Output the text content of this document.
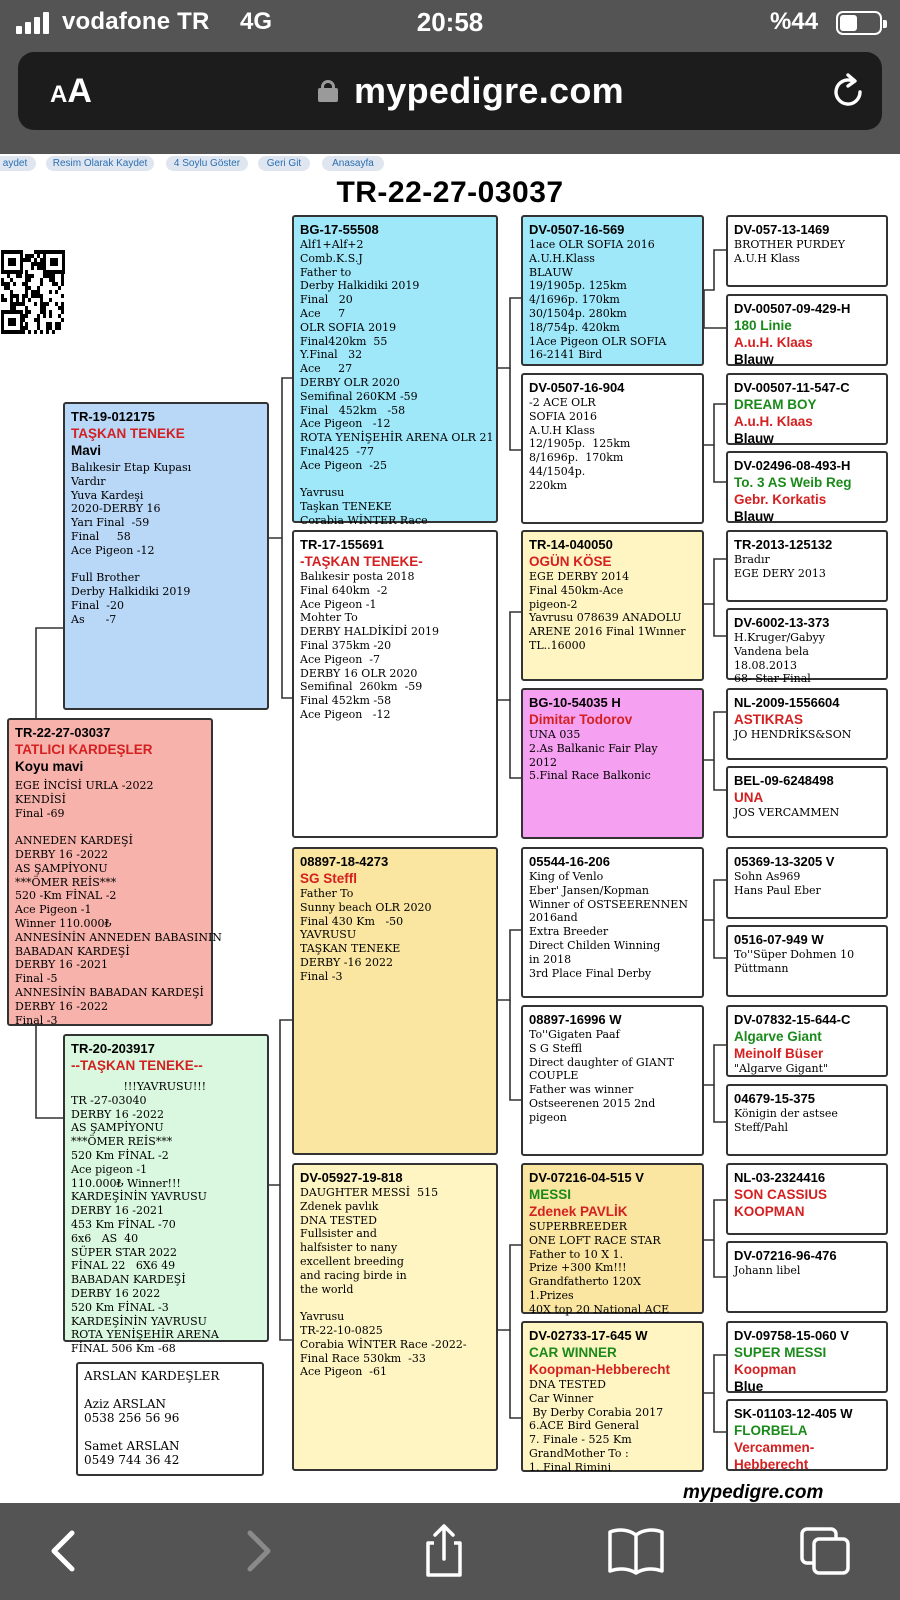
vodafone TR 4G	20:58	%44
AA	mypedigre.com
aydet	Resim Olarak Kaydet	4 Soylu Göster	Geri Git	Anasayfa
TR-22-27-03037
TR-22-27-03037
TATLICI KARDEŞLER
Koyu mavi
EGE İNCİSİ URLA -2022
KENDİSİ
Final -69

ANNEDEN KARDEŞİ
DERBY 16 -2022
AS ŞAMPİYONU
***ÖMER REİS***
520 -Km FİNAL -2
Ace Pigeon -1
Winner 110.000₺
ANNESİNİN ANNEDEN BABASININ
BABADAN KARDEŞİ
DERBY 16 -2021
Final -5
ANNESİNİN BABADAN KARDEŞİ
DERBY 16 -2022
Final -3
TR-19-012175
TAŞKAN TENEKE
Mavi
Balıkesir Etap Kupası
Vardır
Yuva Kardeşi
2020-DERBY 16
Yarı Final  -59
Final     58
Ace Pigeon -12

Full Brother
Derby Halkidiki 2019
Final  -20
As      -7
TR-20-203917
--TAŞKAN TENEKE--
!!!YAVRUSU!!!
TR -27-03040
DERBY 16 -2022
AS ŞAMPİYONU
***ÖMER REİS***
520 Km FİNAL -2
Ace pigeon -1
110.000₺ Winner!!!
KARDEŞİNİN YAVRUSU
DERBY 16 -2021
453 Km FİNAL -70
6x6   AS  40
SÜPER STAR 2022
FİNAL 22   6X6 49
BABADAN KARDEŞİ
DERBY 16 2022
520 Km FİNAL -3
KARDEŞİNİN YAVRUSU
ROTA YENİŞEHİR ARENA
FİNAL 506 Km -68
ARSLAN KARDEŞLER

Aziz ARSLAN
0538 256 56 96

Samet ARSLAN
0549 744 36 42
BG-17-55508
Alf1+Alf+2
Comb.K.S.J
Father to
Derby Halkidiki 2019
Final   20
Ace     7
OLR SOFIA 2019
Final420km  55
Y.Final   32
Ace     27
DERBY OLR 2020
Semifinal 260KM -59
Final   452km   -58
Ace Pigeon   -12
ROTA YENİŞEHİR ARENA OLR 21
Fınal425  -77
Ace Pigeon  -25

Yavrusu
Taşkan TENEKE
Corabia WİNTER Race
TR-17-155691
-TAŞKAN TENEKE-
Balıkesir posta 2018
Final 640km  -2
Ace Pigeon -1
Mohter To
DERBY HALDİKİDİ 2019
Final 375km -20
Ace Pigeon  -7
DERBY 16 OLR 2020
Semifinal  260km  -59
Final 452km -58
Ace Pigeon   -12
08897-18-4273
SG Steffl
Father To
Sunny beach OLR 2020
Final 430 Km   -50
YAVRUSU
TAŞKAN TENEKE
DERBY -16 2022
Final -3
DV-05927-19-818
DAUGHTER MESSİ  515
Zdenek pavlık
DNA TESTED
Fullsister and
halfsister to nany
excellent breeding
and racing birde in
the world

Yavrusu
TR-22-10-0825
Corabia WİNTER Race -2022-
Final Race 530km  -33
Ace Pigeon  -61
DV-0507-16-569
1ace OLR SOFIA 2016
A.U.H.Klass
BLAUW
19/1905p. 125km
4/1696p. 170km
30/1504p. 280km
18/754p. 420km
1Ace Pigeon OLR SOFIA
16-2141 Bird
DV-0507-16-904
-2 ACE OLR
SOFIA 2016
A.U.H Klass
12/1905p.  125km
8/1696p.  170km
44/1504p.
220km
TR-14-040050
OGÜN KÖSE
EGE DERBY 2014
Final 450km-Ace
pigeon-2
Yavrusu 078639 ANADOLU
ARENE 2016 Final 1Wınner
TL..16000
BG-10-54035 H
Dimitar Todorov
UNA 035
2.As Balkanic Fair Play
2012
5.Final Race Balkonic
05544-16-206
King of Venlo
Eber' Jansen/Kopman
Winner of OSTSEERENNEN
2016and
Extra Breeder
Direct Childen Winning
in 2018
3rd Place Final Derby
08897-16996 W
To''Gigaten Paaf
S G Steffl
Direct daughter of GIANT
COUPLE
Father was winner
Ostseerenen 2015 2nd
pigeon
DV-07216-04-515 V
MESSI
Zdenek PAVLİK
SUPERBREEDER
ONE LOFT RACE STAR
Father to 10 X 1.
Prize +300 Km!!!
Grandfatherto 120X
1.Prizes
40X top 20 National ACE
DV-02733-17-645 W
CAR WINNER
Koopman-Hebberecht
DNA TESTED
Car Winner
By Derby Corabia 2017
6.ACE Bird General
7. Finale - 525 Km
GrandMother To :
1. Final Rimini
DV-057-13-1469
BROTHER PURDEY
A.U.H Klass
DV-00507-09-429-H
180 Linie
A.u.H. Klaas
Blauw
DV-00507-11-547-C
DREAM BOY
A.u.H. Klaas
Blauw
DV-02496-08-493-H
To. 3 AS Weib Reg
Gebr. Korkatis
Blauw
TR-2013-125132
Bradır
EGE DERY 2013
DV-6002-13-373
H.Kruger/Gabyy
Vandena bela
18.08.2013
68- Star Final
NL-2009-1556604
ASTIKRAS
JO HENDRİKS&SON
BEL-09-6248498
UNA
JOS VERCAMMEN
05369-13-3205 V
Sohn As969
Hans Paul Eber
0516-07-949 W
To''Süper Dohmen 10
Püttmann
DV-07832-15-644-C
Algarve Giant
Meinolf Büser
"Algarve Gigant"
04679-15-375
Königin der astsee
Steff/Pahl
NL-03-2324416
SON CASSIUS
KOOPMAN
DV-07216-96-476
Johann libel
DV-09758-15-060 V
SUPER MESSI
Koopman
Blue
SK-01103-12-405 W
FLORBELA
Vercammen-
Hebberecht
mypedigre.com
